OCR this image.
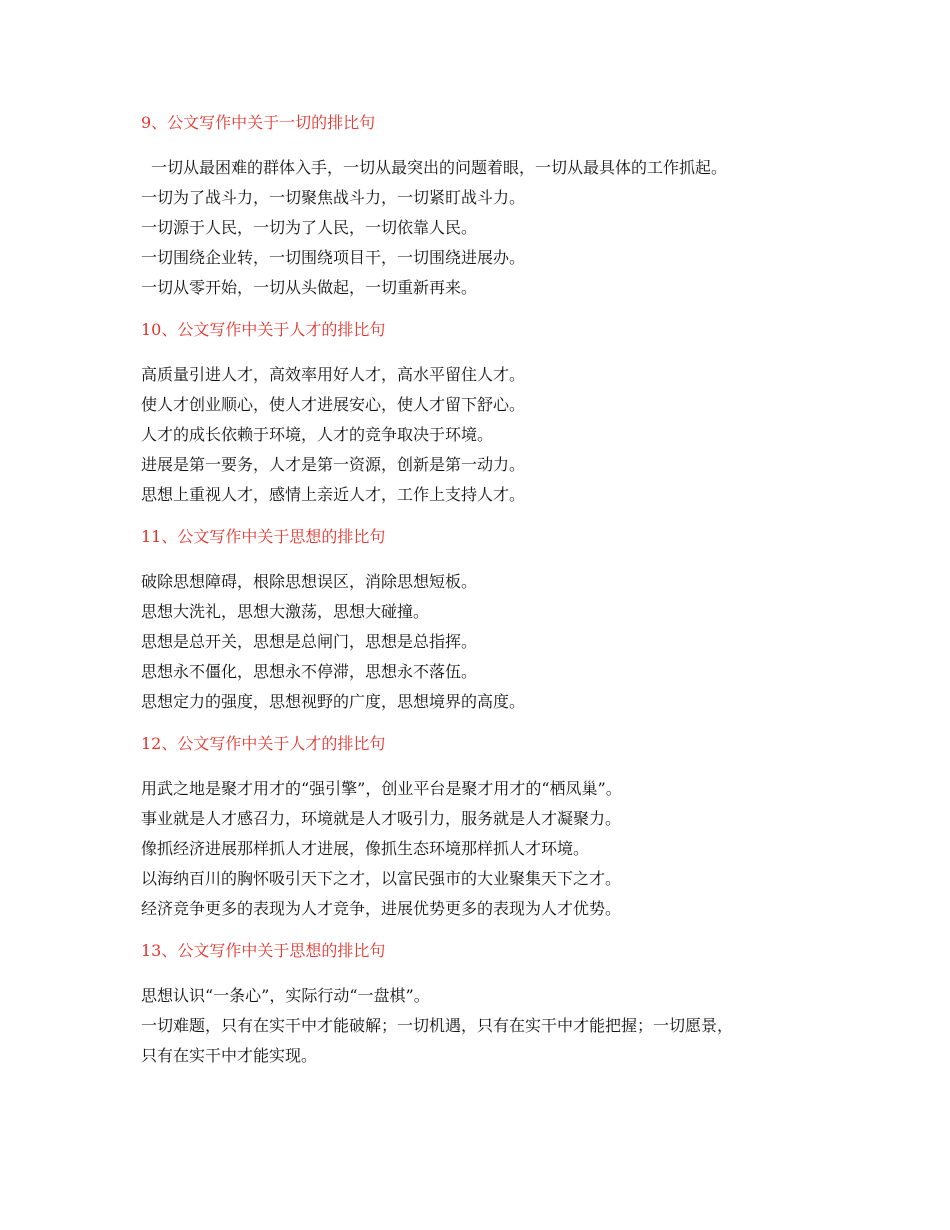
9、公文写作中关于一切的排比句
一切从最困难的群体入手，一切从最突出的问题着眼，一切从最具体的工作抓起。
一切为了战斗力，一切聚焦战斗力，一切紧盯战斗力。
一切源于人民，一切为了人民，一切依靠人民。
一切围绕企业转，一切围绕项目干，一切围绕进展办。
一切从零开始，一切从头做起，一切重新再来。
10、公文写作中关于人才的排比句
高质量引进人才，高效率用好人才，高水平留住人才。
使人才创业顺心，使人才进展安心，使人才留下舒心。
人才的成长依赖于环境，人才的竞争取决于环境。
进展是第一要务，人才是第一资源，创新是第一动力。
思想上重视人才，感情上亲近人才，工作上支持人才。
11、公文写作中关于思想的排比句
破除思想障碍，根除思想误区，消除思想短板。
思想大洗礼，思想大激荡，思想大碰撞。
思想是总开关，思想是总闸门，思想是总指挥。
思想永不僵化，思想永不停滞，思想永不落伍。
思想定力的强度，思想视野的广度，思想境界的高度。
12、公文写作中关于人才的排比句
用武之地是聚才用才的“强引擎”，创业平台是聚才用才的“栖凤巢”。
事业就是人才感召力，环境就是人才吸引力，服务就是人才凝聚力。
像抓经济进展那样抓人才进展，像抓生态环境那样抓人才环境。
以海纳百川的胸怀吸引天下之才，以富民强市的大业聚集天下之才。
经济竞争更多的表现为人才竞争，进展优势更多的表现为人才优势。
13、公文写作中关于思想的排比句
思想认识“一条心”，实际行动“一盘棋”。
一切难题，只有在实干中才能破解；一切机遇，只有在实干中才能把握；一切愿景，
只有在实干中才能实现。
